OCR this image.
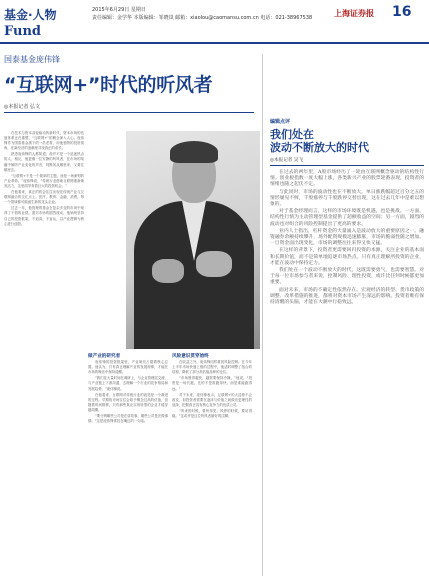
基金·人物
Fund
2015年6月29日 星期日
责任编辑：金学华 本版编辑：邹晓岚 邮箱：xiaolou@caomansu.com.cn 电话：021-38967538	上海证券报 16
国泰基金庞伟锋
“互联网+”时代的听风者
◎本报记者 弘文

在技术与资本双轮驱动的新时代，资本市场的估值体系正在重塑，“互联网+”的概念深入人心。庞伟锋作为国泰基金旗下的一员老将，用他独特的投资视角，在新经济的浪潮里寻找真正的成长。

熟悉庞伟锋的人都知道，他并不是一个追逐热点的人。相反，他更像一位安静的听风者，在市场的喧嚣中倾听产业变化的声音，判断风从哪里来，又要往哪里去。

“互联网+不是一个简单的主题，而是一场深刻的产业革命。”庞伟锋说，“传统行业借助互联网重新焕发活力，这里面孕育着巨大的投资机会。”

在他看来，真正的机会往往出现在传统产业与互联网融合的交汇点上。医疗、教育、金融、消费，每一个领域都可能诞生新的龙头企业。

过去一年，他管理的基金在复杂多变的市场中取得了不俗的业绩。面对市场的剧烈波动，他始终坚持自己的投资框架，不追高、不盲从，以产业逻辑为核心进行选股。

做产业的研究者

庞伟锋的投资框架里，产业研究占据着核心位置。他认为，只有真正理解产业的发展规律，才能在市场的噪音中保持清醒。

“我们花大量时间在调研上，与企业管理层交流，与产业链上下游沟通，去理解一个行业的竞争格局和发展趋势。”庞伟锋说。

在他看来，互联网对传统行业的改造是一个渐进的过程。早期的市场往往会给予概念过高的估值，但随着时间推移，只有那些真正实现转型的企业才能穿越周期。

“要分辨哪些公司是在讲故事，哪些公司是在做事情。”这是庞伟锋常挂在嘴边的一句话。

风险意识贯穿始终

在收益之外，庞伟锋同样重视风险控制。在今年上半年市场快速上涨的过程中，他适时调整了组合的结构，降低了部分高估值品种的仓位。

“市场涨得越快，越需要保持冷静。”他说，“投资是一场长跑，比的不是谁跑得快，而是谁能跑得远。”

对于未来，庞伟锋表示，互联网+的大趋势不会改变，但投资者需要在泡沫与价值之间做出更理性的选择，把握真正具有核心竞争力的优质公司。

“风来的时候，要听得见；风停的时候，要站得稳。”这或许是这位听风者最好的注脚。

编辑点评
我们处在
波动不断放大的时代
◎本报记者 吴飞

在过去的两年里，A股市场经历了一轮由互联网概念驱动的结构性行情。创业板指数一度大幅上涨，各类新兴产业的股票轮番表现，投资者的情绪也随之起伏不定。

与此同时，市场的波动性也在不断放大。单日涨跌幅超过百分之五的情形屡见不鲜，千股涨停与千股跌停交替出现，这在过去几年中是难以想象的。

对于基金经理而言，这样的市场环境既是机遇，也是挑战。一方面，结构性行情为主动管理型基金提供了超额收益的空间；另一方面，剧烈的波动也对组合的风险控制提出了更高的要求。

业内人士指出，杠杆资金的大量涌入是波动放大的重要原因之一。融资融券余额持续攀升，场外配资规模迅速膨胀，市场的脆弱性随之增加。一旦资金面出现变化，市场的调整往往来得又快又猛。

在这样的背景下，投资者更需要回归投资的本源，关注企业的基本面和长期价值，而不是简单地追逐市场热点。只有真正理解所投资的企业，才能在波动中保持定力。

我们处在一个波动不断放大的时代，这既需要勇气，也需要智慧。对于每一位市场参与者来说，控制风险、理性投资，或许比任何时候都更加重要。

面对未来，市场的不确定性依然存在。宏观经济的转型、货币政策的调整、改革措施的推进，都将对资本市场产生深远的影响。投资者唯有保持清醒的头脑，才能在大潮中行稳致远。
